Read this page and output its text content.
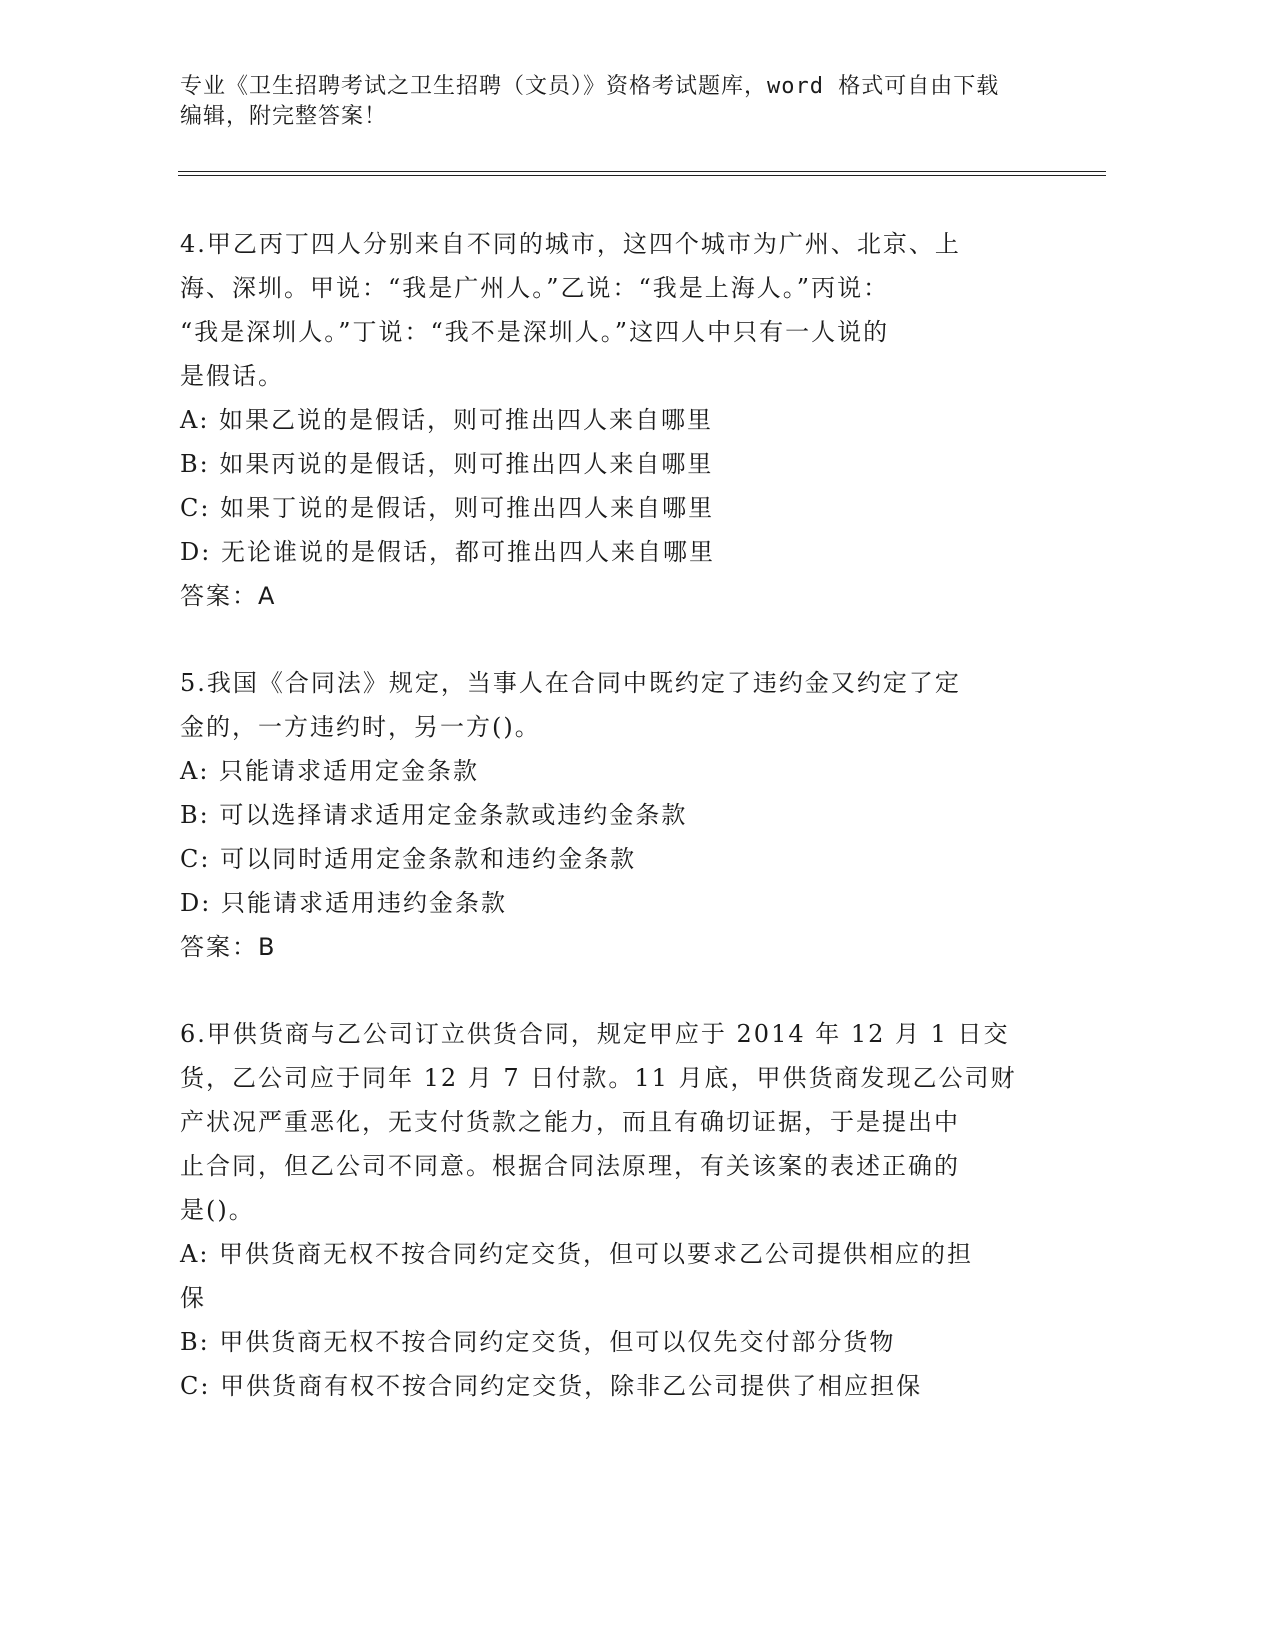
专业《卫生招聘考试之卫生招聘（文员）》资格考试题库，word 格式可自由下载
编辑，附完整答案！
4.甲乙丙丁四人分别来自不同的城市，这四个城市为广州、北京、上
海、深圳。甲说：“我是广州人。”乙说：“我是上海人。”丙说：
“我是深圳人。”丁说：“我不是深圳人。”这四人中只有一人说的
是假话。
A: 如果乙说的是假话，则可推出四人来自哪里
B: 如果丙说的是假话，则可推出四人来自哪里
C: 如果丁说的是假话，则可推出四人来自哪里
D: 无论谁说的是假话，都可推出四人来自哪里
答案：A
5.我国《合同法》规定，当事人在合同中既约定了违约金又约定了定
金的，一方违约时，另一方()。
A: 只能请求适用定金条款
B: 可以选择请求适用定金条款或违约金条款
C: 可以同时适用定金条款和违约金条款
D: 只能请求适用违约金条款
答案：B
6.甲供货商与乙公司订立供货合同，规定甲应于 2014 年 12 月 1 日交
货，乙公司应于同年 12 月 7 日付款。11 月底，甲供货商发现乙公司财
产状况严重恶化，无支付货款之能力，而且有确切证据，于是提出中
止合同，但乙公司不同意。根据合同法原理，有关该案的表述正确的
是()。
A: 甲供货商无权不按合同约定交货，但可以要求乙公司提供相应的担
保
B: 甲供货商无权不按合同约定交货，但可以仅先交付部分货物
C: 甲供货商有权不按合同约定交货，除非乙公司提供了相应担保
